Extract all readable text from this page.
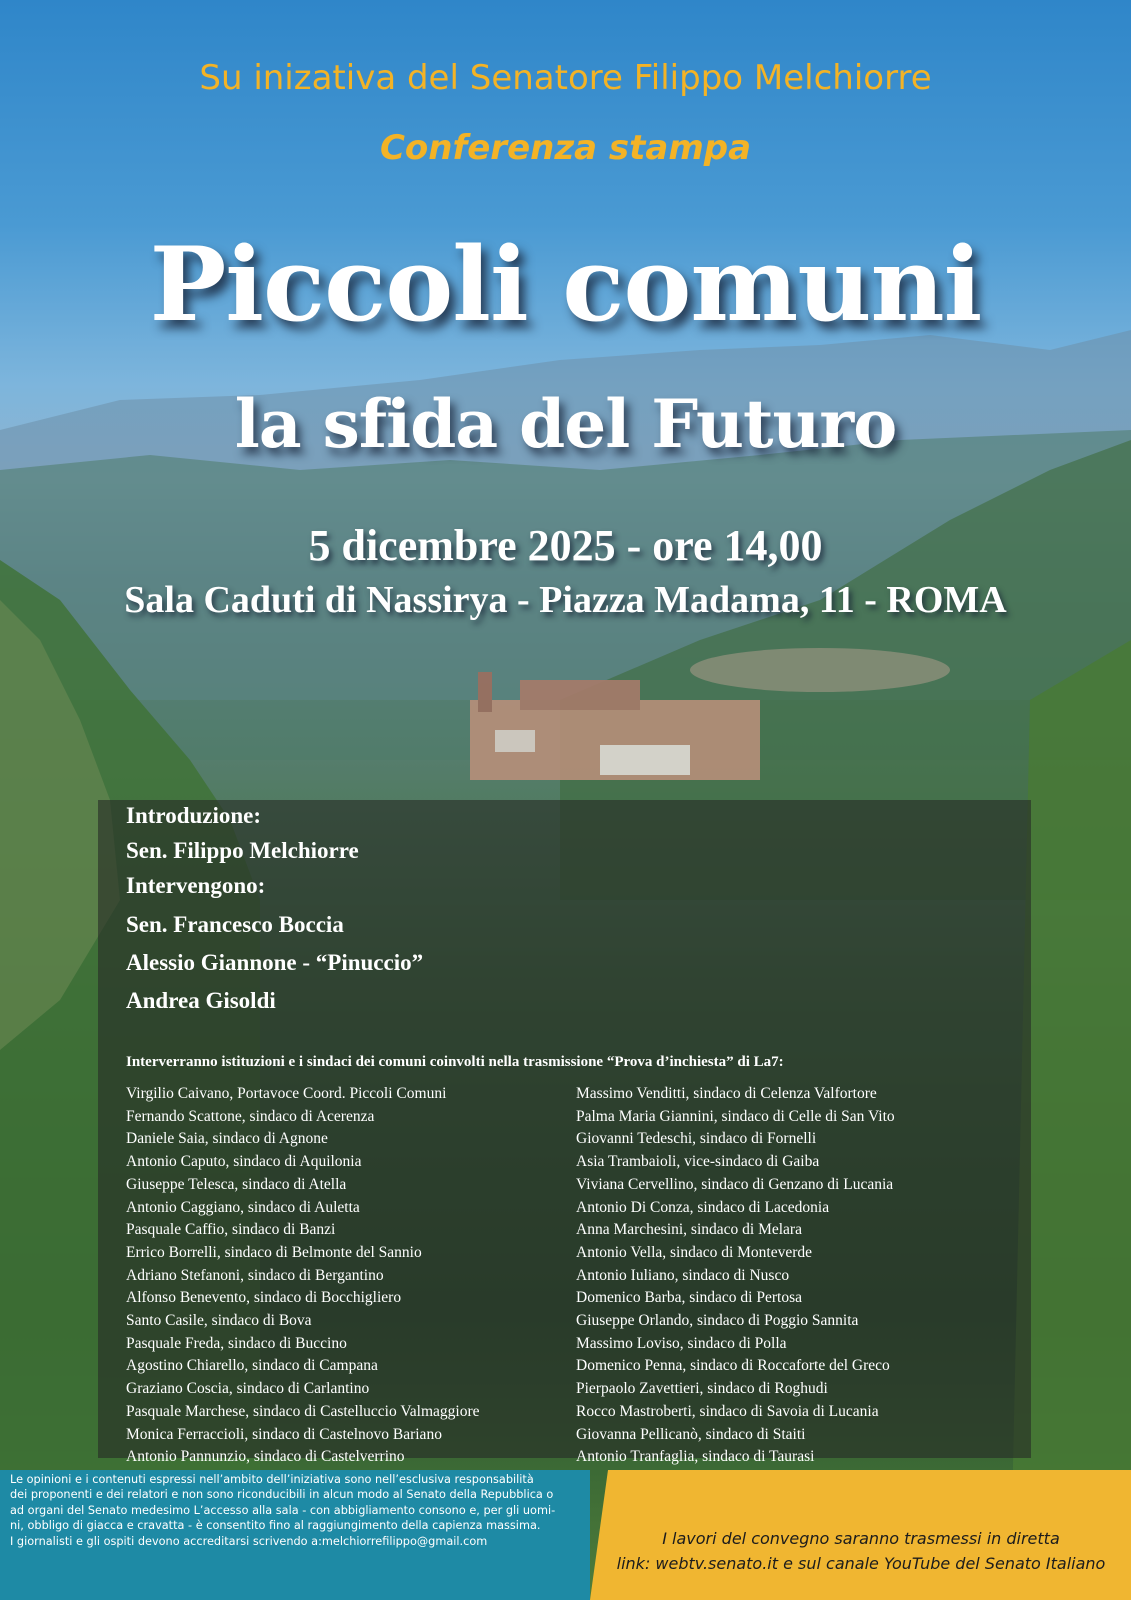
Su inizativa del Senatore Filippo Melchiorre
Conferenza stampa
Piccoli comuni
la sfida del Futuro
5 dicembre 2025 - ore 14,00
Sala Caduti di Nassirya - Piazza Madama, 11 - ROMA
Introduzione:
Sen. Filippo Melchiorre
Intervengono:
Sen. Francesco Boccia
Alessio Giannone - “Pinuccio”
Andrea Gisoldi
Interverranno istituzioni e i sindaci dei comuni coinvolti nella trasmissione “Prova d’inchiesta” di La7:
Virgilio Caivano, Portavoce Coord. Piccoli Comuni
Fernando Scattone, sindaco di Acerenza
Daniele Saia, sindaco di Agnone
Antonio Caputo, sindaco di Aquilonia
Giuseppe Telesca, sindaco di Atella
Antonio Caggiano, sindaco di Auletta
Pasquale Caffio, sindaco di Banzi
Errico Borrelli, sindaco di Belmonte del Sannio
Adriano Stefanoni, sindaco di Bergantino
Alfonso Benevento, sindaco di Bocchigliero
Santo Casile, sindaco di Bova
Pasquale Freda, sindaco di Buccino
Agostino Chiarello, sindaco di Campana
Graziano Coscia, sindaco di Carlantino
Pasquale Marchese, sindaco di Castelluccio Valmaggiore
Monica Ferraccioli, sindaco di Castelnovo Bariano
Antonio Pannunzio, sindaco di Castelverrino
Massimo Venditti, sindaco di Celenza Valfortore
Palma Maria Giannini, sindaco di Celle di San Vito
Giovanni Tedeschi, sindaco di Fornelli
Asia Trambaioli, vice-sindaco di Gaiba
Viviana Cervellino, sindaco di Genzano di Lucania
Antonio Di Conza, sindaco di Lacedonia
Anna Marchesini, sindaco di Melara
Antonio Vella, sindaco di Monteverde
Antonio Iuliano, sindaco di Nusco
Domenico Barba, sindaco di Pertosa
Giuseppe Orlando, sindaco di Poggio Sannita
Massimo Loviso, sindaco di Polla
Domenico Penna, sindaco di Roccaforte del Greco
Pierpaolo Zavettieri, sindaco di Roghudi
Rocco Mastroberti, sindaco di Savoia di Lucania
Giovanna Pellicanò, sindaco di Staiti
Antonio Tranfaglia, sindaco di Taurasi
Le opinioni e i contenuti espressi nell’ambito dell’iniziativa sono nell’esclusiva responsabilità
dei proponenti e dei relatori e non sono riconducibili in alcun modo al Senato della Repubblica o
ad organi del Senato medesimo L’accesso alla sala - con abbigliamento consono e, per gli uomi-
ni, obbligo di giacca e cravatta - è consentito fino al raggiungimento della capienza massima.
I giornalisti e gli ospiti devono accreditarsi scrivendo a:melchiorrefilippo@gmail.com	I lavori del convegno saranno trasmessi in diretta
link: webtv.senato.it e sul canale YouTube del Senato Italiano
